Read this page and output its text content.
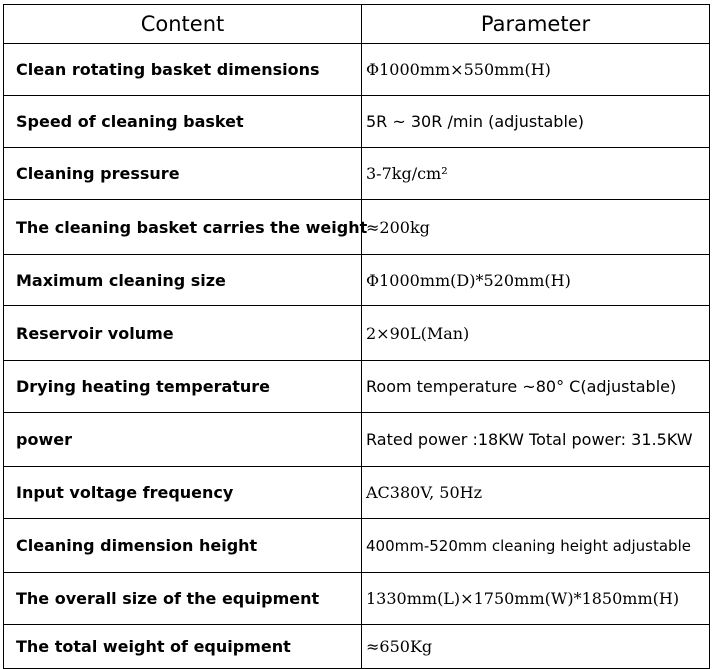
Content	Parameter
Clean rotating basket dimensions	Φ1000mm×550mm(H)
Speed of cleaning basket	5R ~ 30R /min (adjustable)
Cleaning pressure	3-7kg/cm²
The cleaning basket carries the weight	≈200kg
Maximum cleaning size	Φ1000mm(D)*520mm(H)
Reservoir volume	2×90L(Man)
Drying heating temperature	Room temperature ~80° C(adjustable)
power	Rated power :18KW Total power: 31.5KW
Input voltage frequency	AC380V, 50Hz
Cleaning dimension height	400mm-520mm cleaning height adjustable
The overall size of the equipment	1330mm(L)×1750mm(W)*1850mm(H)
The total weight of equipment	≈650Kg
